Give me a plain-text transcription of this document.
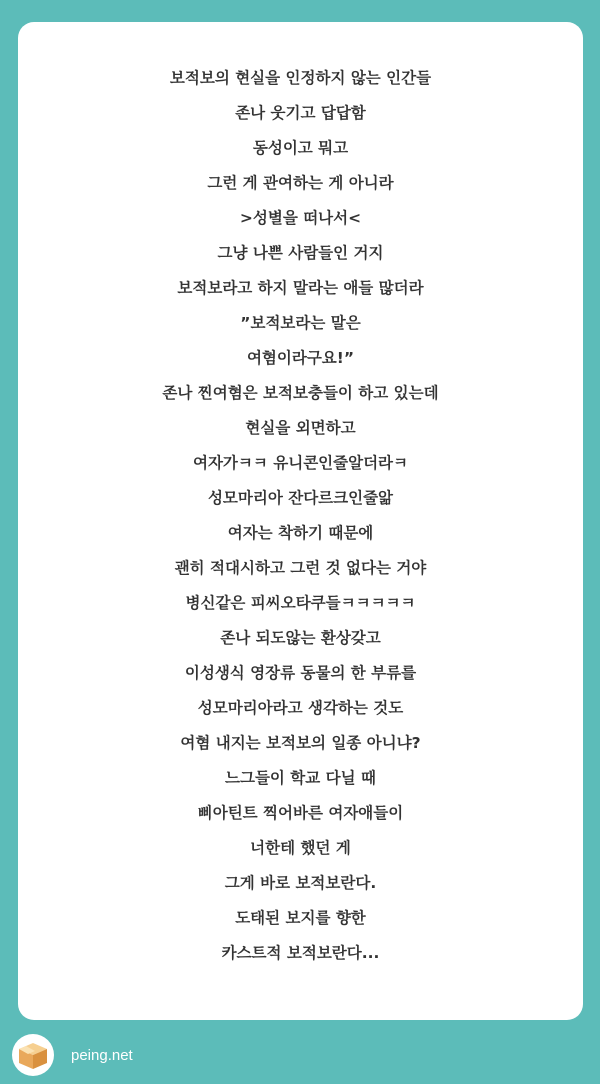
보적보의 현실을 인정하지 않는 인간들
존나 웃기고 답답함
동성이고 뭐고
그런 게 관여하는 게 아니라
>성별을 떠나서<
그냥 나쁜 사람들인 거지
보적보라고 하지 말라는 애들 많더라
”보적보라는 말은
여혐이라구요!”
존나 찐여혐은 보적보충들이 하고 있는데
현실을 외면하고
여자가ㅋㅋ 유니콘인줄알더라ㅋ
성모마리아 잔다르크인줄앎
여자는 착하기 때문에
괜히 적대시하고 그런 것 없다는 거야
병신같은 피씨오타쿠들ㅋㅋㅋㅋㅋ
존나 되도않는 환상갖고
이성생식 영장류 동물의 한 부류를
성모마리아라고 생각하는 것도
여혐 내지는 보적보의 일종 아니냐?
느그들이 학교 다닐 때
삐아틴트 찍어바른 여자애들이
너한테 했던 게
그게 바로 보적보란다.
도태된 보지를 향한
카스트적 보적보란다...
peing.net
